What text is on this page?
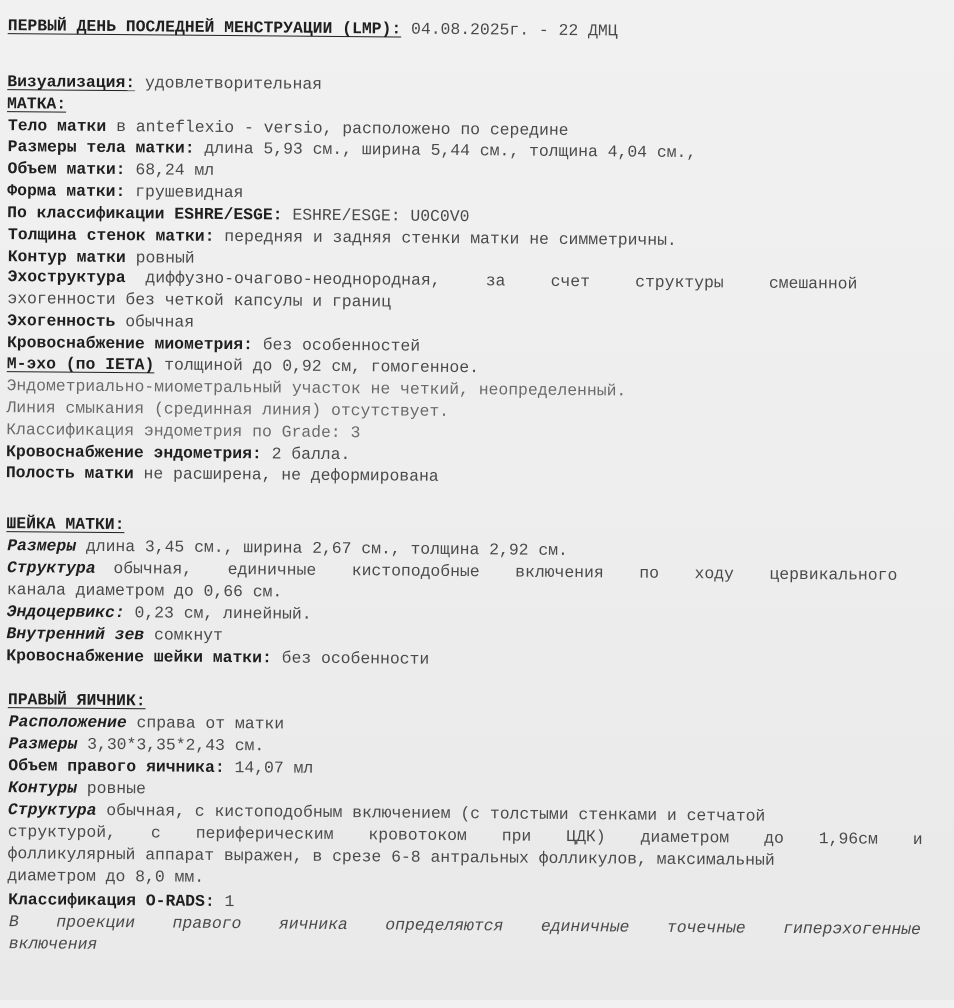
ПЕРВЫЙ ДЕНЬ ПОСЛЕДНЕЙ МЕНСТРУАЦИИ (LMP): 04.08.2025г. - 22 ДМЦ
Визуализация: удовлетворительная
МАТКА:
Тело матки в anteflexio - versio, расположено по середине
Размеры тела матки: длина 5,93 см., ширина 5,44 см., толщина 4,04 см.,
Объем матки: 68,24 мл
Форма матки: грушевидная
По классификации ESHRE/ESGE: ESHRE/ESGE: U0C0V0
Толщина стенок матки: передняя и задняя стенки матки не симметричны.
Контур матки ровный
Эхоструктура диффузно-очагово-неоднородная,	за	счет	структуры	смешанной
эхогенности без четкой капсулы и границ
Эхогенность обычная
Кровоснабжение миометрия: без особенностей
М-эхо (по IETA) толщиной до 0,92 см, гомогенное.
Эндометриально-миометральный участок не четкий, неопределенный.
Линия смыкания (срединная линия) отсутствует.
Классификация эндометрия по Grade: 3
Кровоснабжение эндометрия: 2 балла.
Полость матки не расширена, не деформирована
ШЕЙКА МАТКИ:
Размеры длина 3,45 см., ширина 2,67 см., толщина 2,92 см.
Структура обычная, единичные кистоподобные включения по ходу цервикального
канала диаметром до 0,66 см.
Эндоцервикс: 0,23 см, линейный.
Внутренний зев сомкнут
Кровоснабжение шейки матки: без особенности
ПРАВЫЙ ЯИЧНИК:
Расположение справа от матки
Размеры 3,30*3,35*2,43 см.
Объем правого яичника: 14,07 мл
Контуры ровные
Структура обычная, с кистоподобным включением (с толстыми стенками и сетчатой
структурой, с периферическим кровотоком при ЦДК) диаметром до 1,96см и
фолликулярный аппарат выражен, в срезе 6-8 антральных фолликулов, максимальный
диаметром до 8,0 мм.
Классификация O-RADS: 1
В проекции правого яичника определяются единичные точечные гиперэхогенные
включения
